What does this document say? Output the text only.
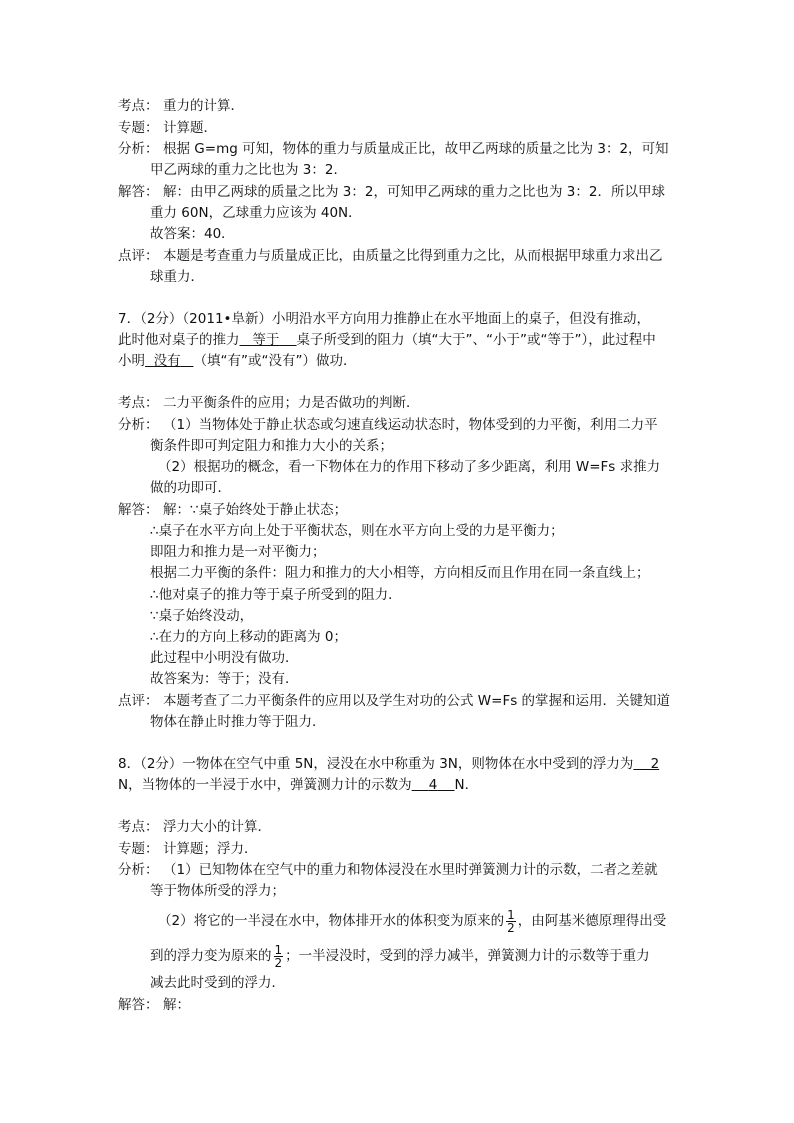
考点： 重力的计算．
专题： 计算题．
分析： 根据 G=mg 可知，物体的重力与质量成正比，故甲乙两球的质量之比为 3：2，可知
甲乙两球的重力之比也为 3：2．
解答： 解：由甲乙两球的质量之比为 3：2，可知甲乙两球的重力之比也为 3：2．所以甲球
重力 60N，乙球重力应该为 40N．
故答案：40．
点评： 本题是考查重力与质量成正比，由质量之比得到重力之比，从而根据甲球重力求出乙
球重力．
7．（2分）（2011•阜新）小明沿水平方向用力推静止在水平地面上的桌子，但没有推动，
此时他对桌子的推力 等于 桌子所受到的阻力（填“大于”、“小于”或“等于”），此过程中
小明 没有 （填“有”或“没有”）做功．
考点： 二力平衡条件的应用；力是否做功的判断．
分析： （1）当物体处于静止状态或匀速直线运动状态时，物体受到的力平衡，利用二力平
衡条件即可判定阻力和推力大小的关系；
（2）根据功的概念，看一下物体在力的作用下移动了多少距离，利用 W=Fs 求推力
做的功即可．
解答： 解：∵桌子始终处于静止状态；
∴桌子在水平方向上处于平衡状态，则在水平方向上受的力是平衡力；
即阻力和推力是一对平衡力；
根据二力平衡的条件：阻力和推力的大小相等，方向相反而且作用在同一条直线上；
∴他对桌子的推力等于桌子所受到的阻力．
∵桌子始终没动，
∴在力的方向上移动的距离为 0；
此过程中小明没有做功．
故答案为：等于；没有．
点评： 本题考查了二力平衡条件的应用以及学生对功的公式 W=Fs 的掌握和运用．关键知道
物体在静止时推力等于阻力．
8．（2分）一物体在空气中重 5N，浸没在水中称重为 3N，则物体在水中受到的浮力为 2
N，当物体的一半浸于水中，弹簧测力计的示数为 4 N．
考点： 浮力大小的计算．
专题： 计算题；浮力．
分析： （1）已知物体在空气中的重力和物体浸没在水里时弹簧测力计的示数，二者之差就
等于物体所受的浮力；
（2）将它的一半浸在水中，物体排开水的体积变为原来的 $\frac{1}{2}$ ，由阿基米德原理得出受
到的浮力变为原来的 $\frac{1}{2}$ ；一半浸没时，受到的浮力减半，弹簧测力计的示数等于重力
减去此时受到的浮力．
解答： 解：
